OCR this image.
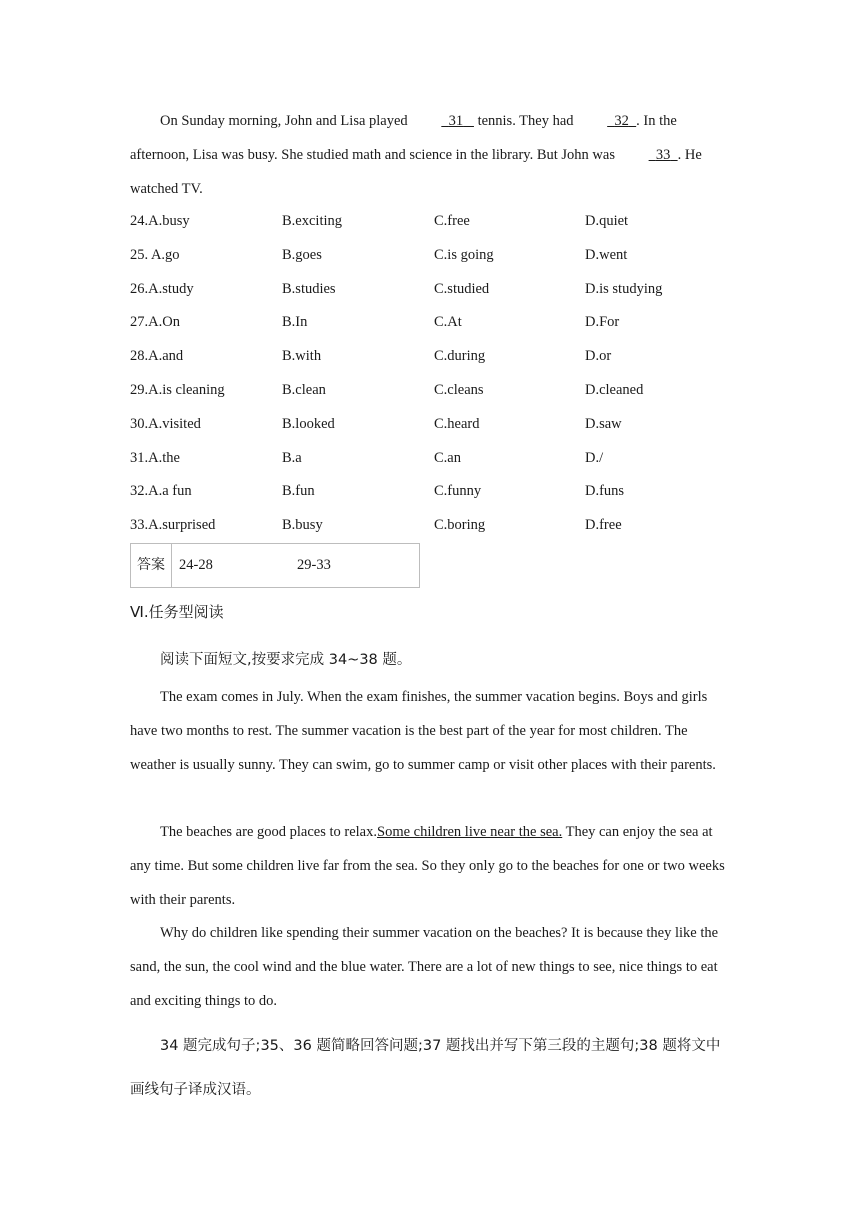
On Sunday morning, John and Lisa played	31    tennis. They had	32 . In the afternoon, Lisa was busy. She studied math and science in the library. But John was	33 . He watched TV.

24.A.busy	B.exciting	C.free	D.quiet
25. A.go	B.goes	C.is going	D.went
26.A.study	B.studies	C.studied	D.is studying
27.A.On	B.In	C.At	D.For
28.A.and	B.with	C.during	D.or
29.A.is cleaning	B.clean	C.cleans	D.cleaned
30.A.visited	B.looked	C.heard	D.saw
31.A.the	B.a	C.an	D./
32.A.a fun	B.fun	C.funny	D.funs
33.A.surprised	B.busy	C.boring	D.free
答案 24-28	29-33
Ⅵ.任务型阅读

阅读下面短文,按要求完成 34~38 题。

The exam comes in July. When the exam finishes, the summer vacation begins. Boys and girls have two months to rest. The summer vacation is the best part of the year for most children. The weather is usually sunny. They can swim, go to summer camp or visit other places with their parents.

The beaches are good places to relax.Some children live near the sea. They can enjoy the sea at any time. But some children live far from the sea. So they only go to the beaches for one or two weeks with their parents.

Why do children like spending their summer vacation on the beaches? It is because they like the sand, the sun, the cool wind and the blue water. There are a lot of new things to see, nice things to eat and exciting things to do.

34 题完成句子;35、36 题简略回答问题;37 题找出并写下第三段的主题句;38 题将文中画线句子译成汉语。
